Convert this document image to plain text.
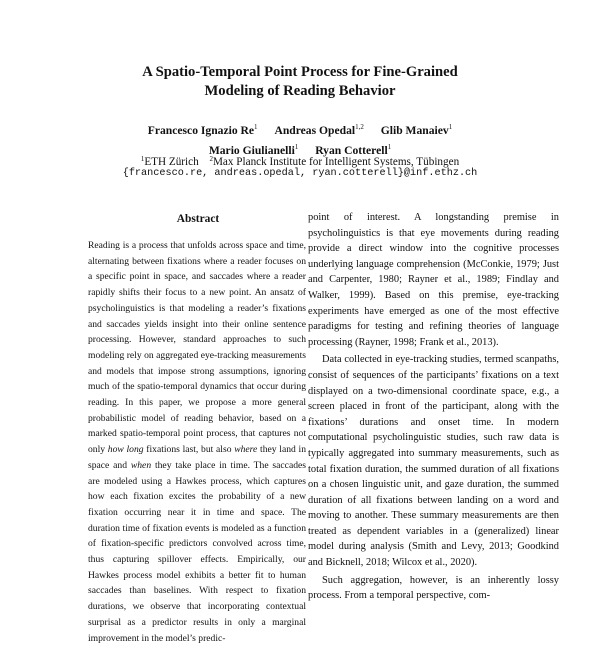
A Spatio-Temporal Point Process for Fine-Grained
Modeling of Reading Behavior
Francesco Ignazio Re$^1$ Andreas Opedal$^{1,2}$ Glib Manaiev$^1$
Mario Giulianelli$^1$ Ryan Cotterell$^1$
$^1$ETH Zürich $^2$Max Planck Institute for Intelligent Systems, Tübingen
{francesco.re, andreas.opedal, ryan.cotterell}@inf.ethz.ch
Abstract
Reading is a process that unfolds across space and time, alternating between fixations where a reader focuses on a specific point in space, and saccades where a reader rapidly shifts their focus to a new point. An ansatz of psycholinguistics is that modeling a reader’s fixations and saccades yields insight into their online sentence processing. However, standard approaches to such modeling rely on aggregated eye-tracking measurements and models that impose strong assumptions, ignoring much of the spatio-temporal dynamics that occur during reading. In this paper, we propose a more general probabilistic model of reading behavior, based on a marked spatio-temporal point process, that captures not only how long fixations last, but also where they land in space and when they take place in time. The saccades are modeled using a Hawkes process, which captures how each fixation excites the probability of a new fixation occurring near it in time and space. The duration time of fixation events is modeled as a function of fixation-specific predictors convolved across time, thus capturing spillover effects. Empirically, our Hawkes process model exhibits a better fit to human saccades than baselines. With respect to fixation durations, we observe that incorporating contextual surprisal as a predictor results in only a marginal improvement in the model’s predic-

point of interest. A longstanding premise in psycholinguistics is that eye movements during reading provide a direct window into the cognitive processes underlying language comprehension (McConkie, 1979; Just and Carpenter, 1980; Rayner et al., 1989; Findlay and Walker, 1999). Based on this premise, eye-tracking experiments have emerged as one of the most effective paradigms for testing and refining theories of language processing (Rayner, 1998; Frank et al., 2013).

Data collected in eye-tracking studies, termed scanpaths, consist of sequences of the participants’ fixations on a text displayed on a two-dimensional coordinate space, e.g., a screen placed in front of the participant, along with the fixations’ durations and onset time. In modern computational psycholinguistic studies, such raw data is typically aggregated into summary measurements, such as total fixation duration, the summed duration of all fixations on a chosen linguistic unit, and gaze duration, the summed duration of all fixations between landing on a word and moving to another. These summary measurements are then treated as dependent variables in a (generalized) linear model during analysis (Smith and Levy, 2013; Goodkind and Bicknell, 2018; Wilcox et al., 2020).

Such aggregation, however, is an inherently lossy process. From a temporal perspective, com-
